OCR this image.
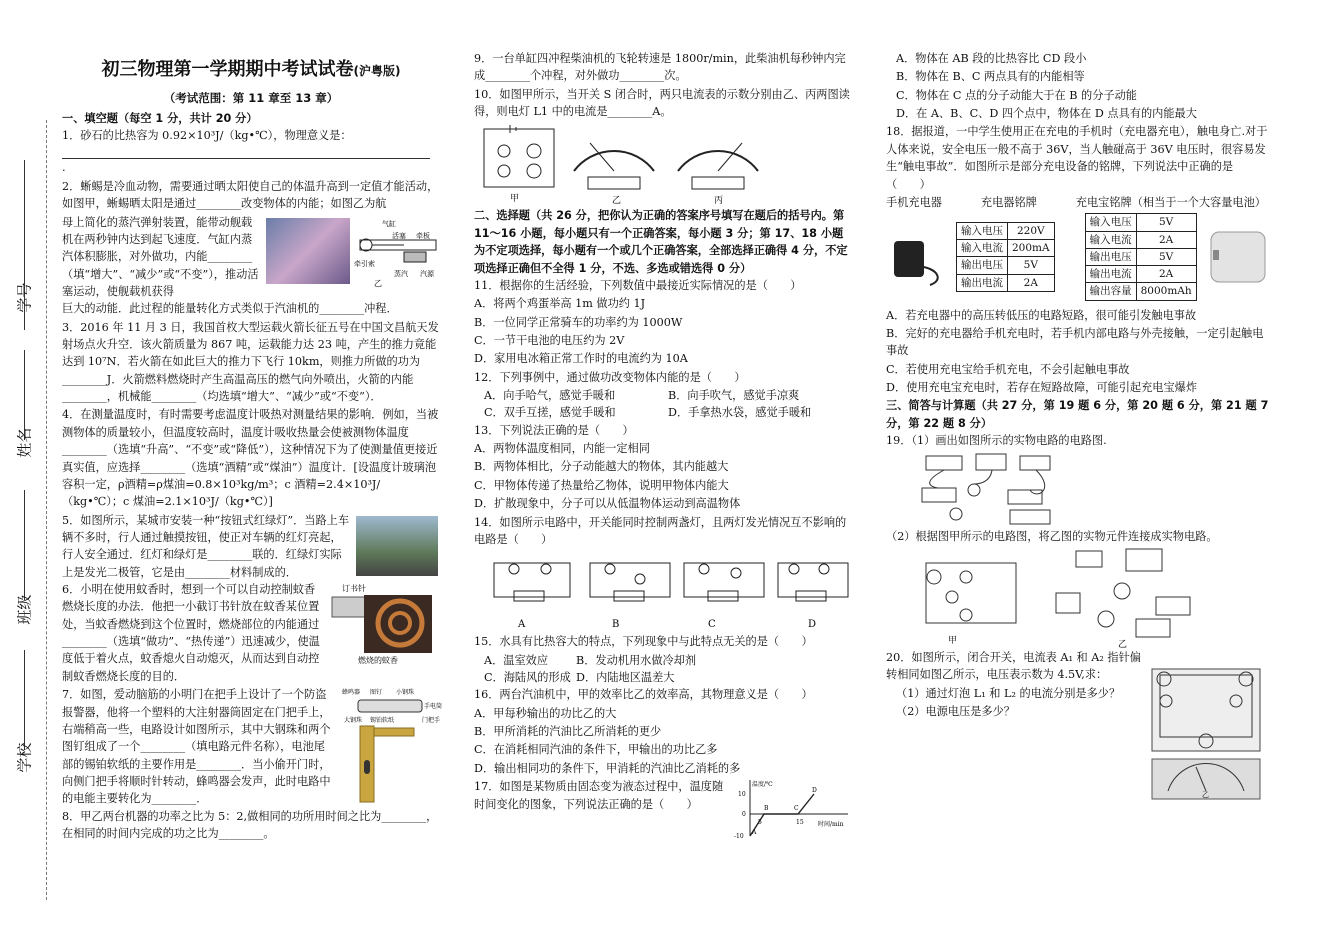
学号
姓名
班级
学校
初三物理第一学期期中考试试卷(沪粤版)
（考试范围：第 11 章至 13 章）

一、填空题（每空 1 分，共计 20 分）

1．砂石的比热容为 0.92×10³J/（kg•℃），物理意义是：

.

2．蜥蜴是冷血动物，需要通过晒太阳使自己的体温升高到一定值才能活动，如图甲，蜥蜴晒太阳是通过________改变物体的内能；如图乙为航

母上简化的蒸汽弹射装置，能带动舰载机在两秒钟内达到起飞速度．气缸内蒸汽体积膨胀，对外做功，内能________（填“增大”、“减少”或“不变”），推动活塞运动，使舰载机获得

气缸
牵引索
活塞 牵板
蒸汽 汽源
乙

巨大的动能．此过程的能量转化方式类似于汽油机的________冲程．

3．2016 年 11 月 3 日，我国首枚大型运载火箭长征五号在中国文昌航天发射场点火升空．该火箭质量为 867 吨，运载能力达 23 吨，产生的推力竟能达到 10⁷N．若火箭在如此巨大的推力下飞行 10km，则推力所做的功为________J．火箭燃料燃烧时产生高温高压的燃气向外喷出，火箭的内能________，机械能________（均选填“增大”、“减少”或“不变”）．

4．在测量温度时，有时需要考虑温度计吸热对测量结果的影响．例如，当被测物体的质量较小，但温度较高时，温度计吸收热量会使被测物体温度________（选填“升高”、“不变”或“降低”），这种情况下为了使测量值更接近真实值，应选择________（选填“酒精”或“煤油”）温度计．[设温度计玻璃泡容积一定，ρ酒精=ρ煤油=0.8×10³kg/m³；c 酒精=2.4×10³J/（kg•℃）；c 煤油=2.1×10³J/（kg•℃）]

5．如图所示，某城市安装一种“按钮式红绿灯”．当路上车辆不多时，行人通过触摸按钮，使正对车辆的红灯亮起，行人安全通过．红灯和绿灯是________联的．红绿灯实际上是发光二极管，它是由________材料制成的．

6．小明在使用蚊香时，想到一个可以自动控制蚊香燃烧长度的办法．他把一小截订书针放在蚊香某位置处，当蚊香燃烧到这个位置时，燃烧部位的内能通过________（选填“做功”、“热传递”）迅速减少，使温度低于着火点，蚊香熄火自动熄灭，从而达到自动控制蚊香燃烧长度的目的．

订书针
燃烧的蚊香

7．如图，爱动脑筋的小明门在把手上设计了一个防盗报警器，他将一个塑料的大注射器筒固定在门把手上，右端稍高一些，电路设计如图所示，其中大钢珠和两个图钉组成了一个________（填电路元件名称），电池尾部的锡铂软纸的主要作用是________．当小偷开门时，向侧门把手将顺时针转动，蜂鸣器会发声，此时电路中的电能主要转化为________．

蜂鸣器 图钉 小钢珠
手电筒
大钢珠 锡铂软纸	门把手

8．甲乙两台机器的功率之比为 5：2,做相同的功所用时间之比为________，在相同的时间内完成的功之比为________。

9．一台单缸四冲程柴油机的飞轮转速是 1800r/min，此柴油机每秒钟内完成________个冲程，对外做功________次。

10．如图甲所示，当开关 S 闭合时，两只电流表的示数分别由乙、丙两图读得，则电灯 L1 中的电流是________A。

甲	乙	丙

二、选择题（共 26 分，把你认为正确的答案序号填写在题后的括号内。第 11～16 小题，每小题只有一个正确答案，每小题 3 分；第 17、18 小题为不定项选择，每小题有一个或几个正确答案，全部选择正确得 4 分，不定项选择正确但不全得 1 分，不选、多选或错选得 0 分）

11．根据你的生活经验，下列数值中最接近实际情况的是（　　）

A．将两个鸡蛋举高 1m 做功约 1J

B．一位同学正常骑车的功率约为 1000W

C．一节干电池的电压约为 2V

D．家用电冰箱正常工作时的电流约为 10A

12．下列事例中，通过做功改变物体内能的是（　　）

A．向手哈气，感觉手暖和	B．向手吹气，感觉手凉爽
C．双手互搓，感觉手暖和	D．手拿热水袋，感觉手暖和

13．下列说法正确的是（　　）

A．两物体温度相同，内能一定相同

B．两物体相比，分子动能越大的物体，其内能越大

C．甲物体传递了热量给乙物体，说明甲物体内能大

D．扩散现象中，分子可以从低温物体运动到高温物体

14．如图所示电路中，开关能同时控制两盏灯，且两灯发光情况互不影响的电路是（　　）

A	B	C	D

15．水具有比热容大的特点，下列现象中与此特点无关的是（　　）

A．温室效应	B．发动机用水做冷却剂
C．海陆风的形成 D．内陆地区温差大

16．两台汽油机中，甲的效率比乙的效率高，其物理意义是（　　）

A．甲每秒输出的功比乙的大

B．甲所消耗的汽油比乙所消耗的更少

C．在消耗相同汽油的条件下，甲输出的功比乙多

D．输出相同功的条件下，甲消耗的汽油比乙消耗的多

17．如图是某物质由固态变为液态过程中，温度随时间变化的图象，下列说法正确的是（　　）

温度/℃
时间/min
10
0
-10
5	15
A
B	C
D

A．物体在 AB 段的比热容比 CD 段小

B．物体在 B、C 两点具有的内能相等

C．物体在 C 点的分子动能大于在 B 的分子动能

D．在 A、B、C、D 四个点中，物体在 D 点具有的内能最大

18．据报道，一中学生使用正在充电的手机时（充电器充电），触电身亡.对于人体来说，安全电压一般不高于 36V，当人触碰高于 36V 电压时，很容易发生“触电事故”．如图所示是部分充电设备的铭牌，下列说法中正确的是（　　）

手机充电器	充电器铭牌	充电宝铭牌（相当于一个大容量电池）
输入电压	220V
输入电流	200mA
输出电压	5V
输出电流	2A
输入电压	5V
输入电流	2A
输出电压	5V
输出电流	2A
输出容量	8000mAh

A．若充电器中的高压转低压的电路短路，很可能引发触电事故

B．完好的充电器给手机充电时，若手机内部电路与外壳接触，一定引起触电事故

C．若使用充电宝给手机充电，不会引起触电事故

D．使用充电宝充电时，若存在短路故障，可能引起充电宝爆炸

三、简答与计算题（共 27 分，第 19 题 6 分，第 20 题 6 分，第 21 题 7 分，第 22 题 8 分）

19．（1）画出如图所示的实物电路的电路图.

（2）根据图甲所示的电路图，将乙图的实物元件连接成实物电路。

甲	乙

20．如图所示，闭合开关，电流表 A₁ 和 A₂ 指针偏转相同如图乙所示，电压表示数为 4.5V,求：

（1）通过灯泡 L₁ 和 L₂ 的电流分别是多少？

（2）电源电压是多少？

乙
